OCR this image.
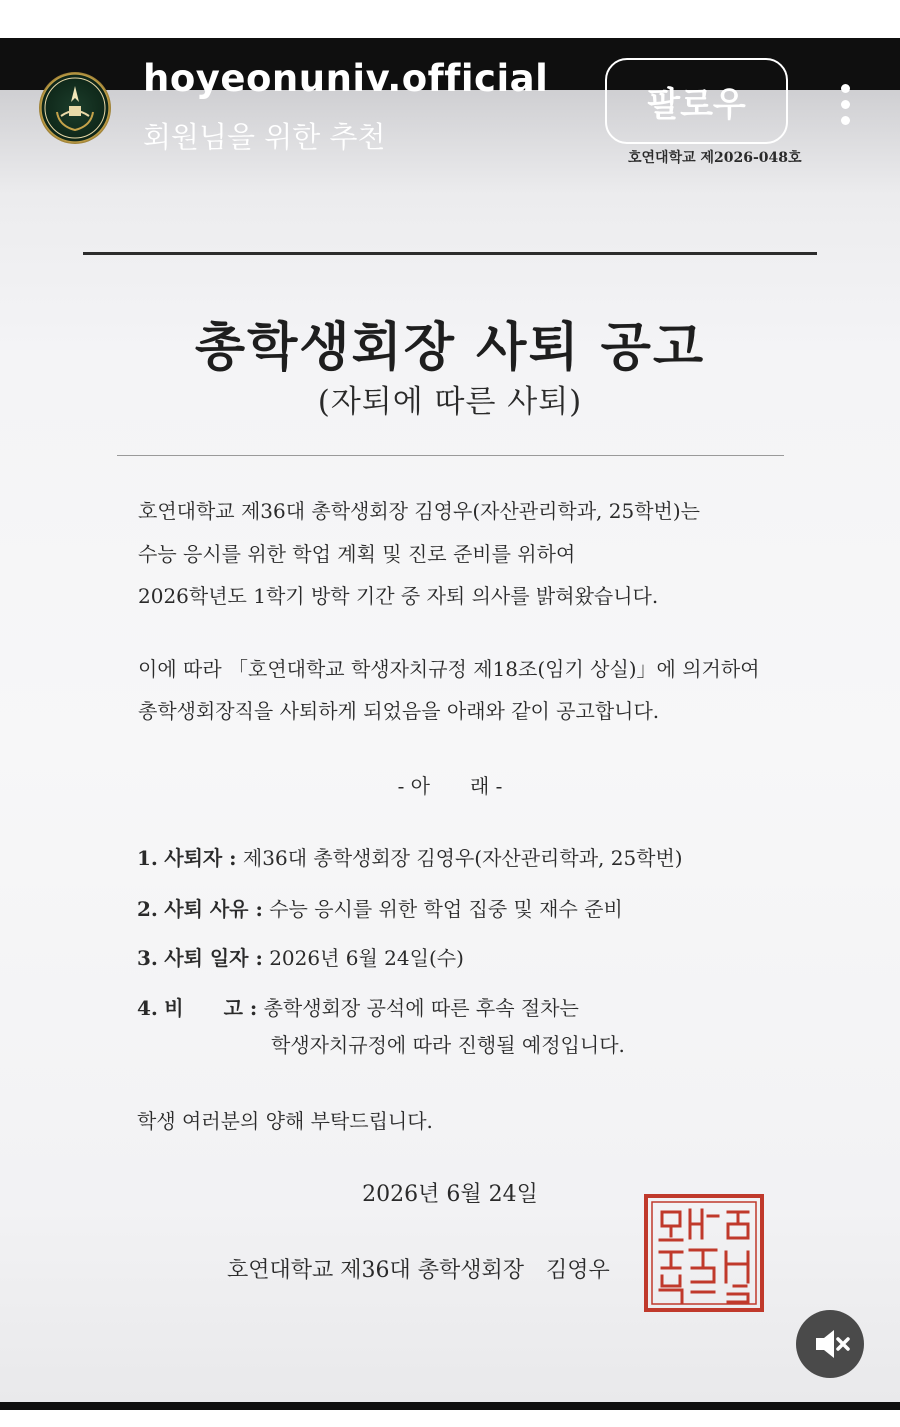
호연대학교 제2026-048호
총학생회장 사퇴 공고
(자퇴에 따른 사퇴)
호연대학교 제36대 총학생회장 김영우(자산관리학과, 25학번)는
수능 응시를 위한 학업 계획 및 진로 준비를 위하여
2026학년도 1학기 방학 기간 중 자퇴 의사를 밝혀왔습니다.
이에 따라 「호연대학교 학생자치규정 제18조(임기 상실)」에 의거하여
총학생회장직을 사퇴하게 되었음을 아래와 같이 공고합니다.
- 아　　래 -
1. 사퇴자 : 제36대 총학생회장 김영우(자산관리학과, 25학번)
2. 사퇴 사유 : 수능 응시를 위한 학업 집중 및 재수 준비
3. 사퇴 일자 : 2026년 6월 24일(수)
4. 비　　고 : 총학생회장 공석에 따른 후속 절차는
학생자치규정에 따라 진행될 예정입니다.
학생 여러분의 양해 부탁드립니다.
2026년 6월 24일
호연대학교 제36대 총학생회장　김영우
hoyeonuniv.official
회원님을 위한 추천
팔로우
